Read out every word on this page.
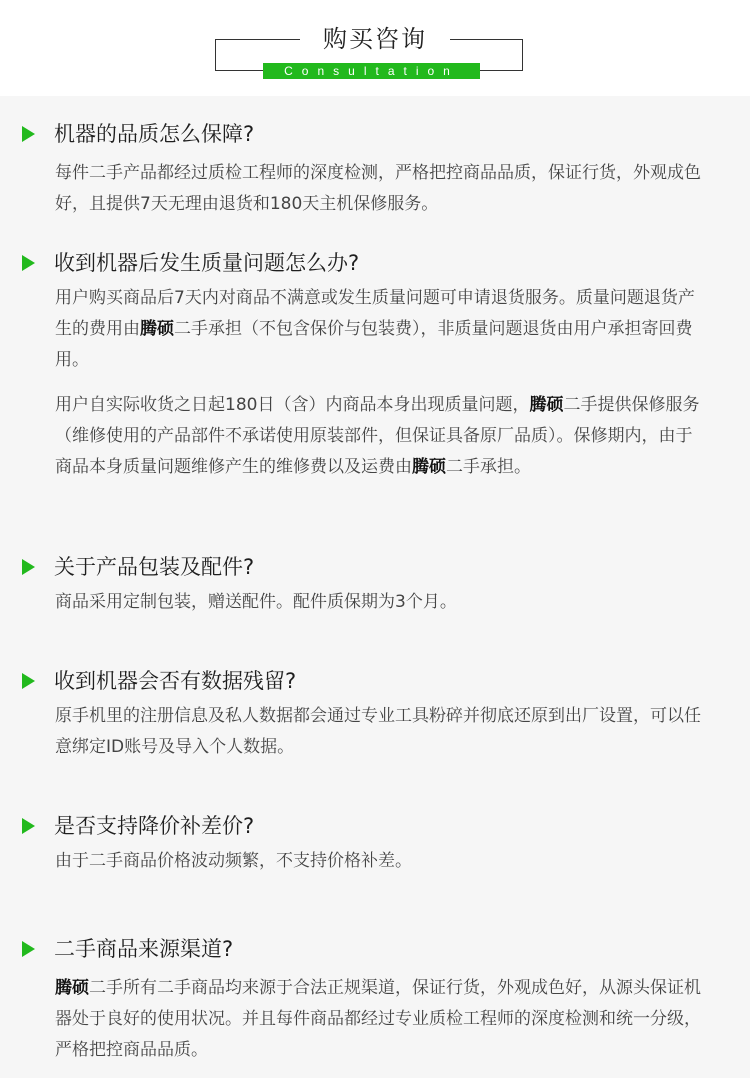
购买咨询
Consultation
机器的品质怎么保障?

每件二手产品都经过质检工程师的深度检测，严格把控商品品质，保证行货，外观成色好，且提供7天无理由退货和180天主机保修服务。

收到机器后发生质量问题怎么办?

用户购买商品后7天内对商品不满意或发生质量问题可申请退货服务。质量问题退货产生的费用由腾硕二手承担（不包含保价与包装费），非质量问题退货由用户承担寄回费用。

用户自实际收货之日起180日（含）内商品本身出现质量问题，腾硕二手提供保修服务（维修使用的产品部件不承诺使用原装部件，但保证具备原厂品质）。保修期内，由于商品本身质量问题维修产生的维修费以及运费由腾硕二手承担。

关于产品包装及配件?

商品采用定制包装，赠送配件。配件质保期为3个月。

收到机器会否有数据残留?

原手机里的注册信息及私人数据都会通过专业工具粉碎并彻底还原到出厂设置，可以任意绑定ID账号及导入个人数据。

是否支持降价补差价?

由于二手商品价格波动频繁，不支持价格补差。

二手商品来源渠道?

腾硕二手所有二手商品均来源于合法正规渠道，保证行货，外观成色好，从源头保证机器处于良好的使用状况。并且每件商品都经过专业质检工程师的深度检测和统一分级，严格把控商品品质。
